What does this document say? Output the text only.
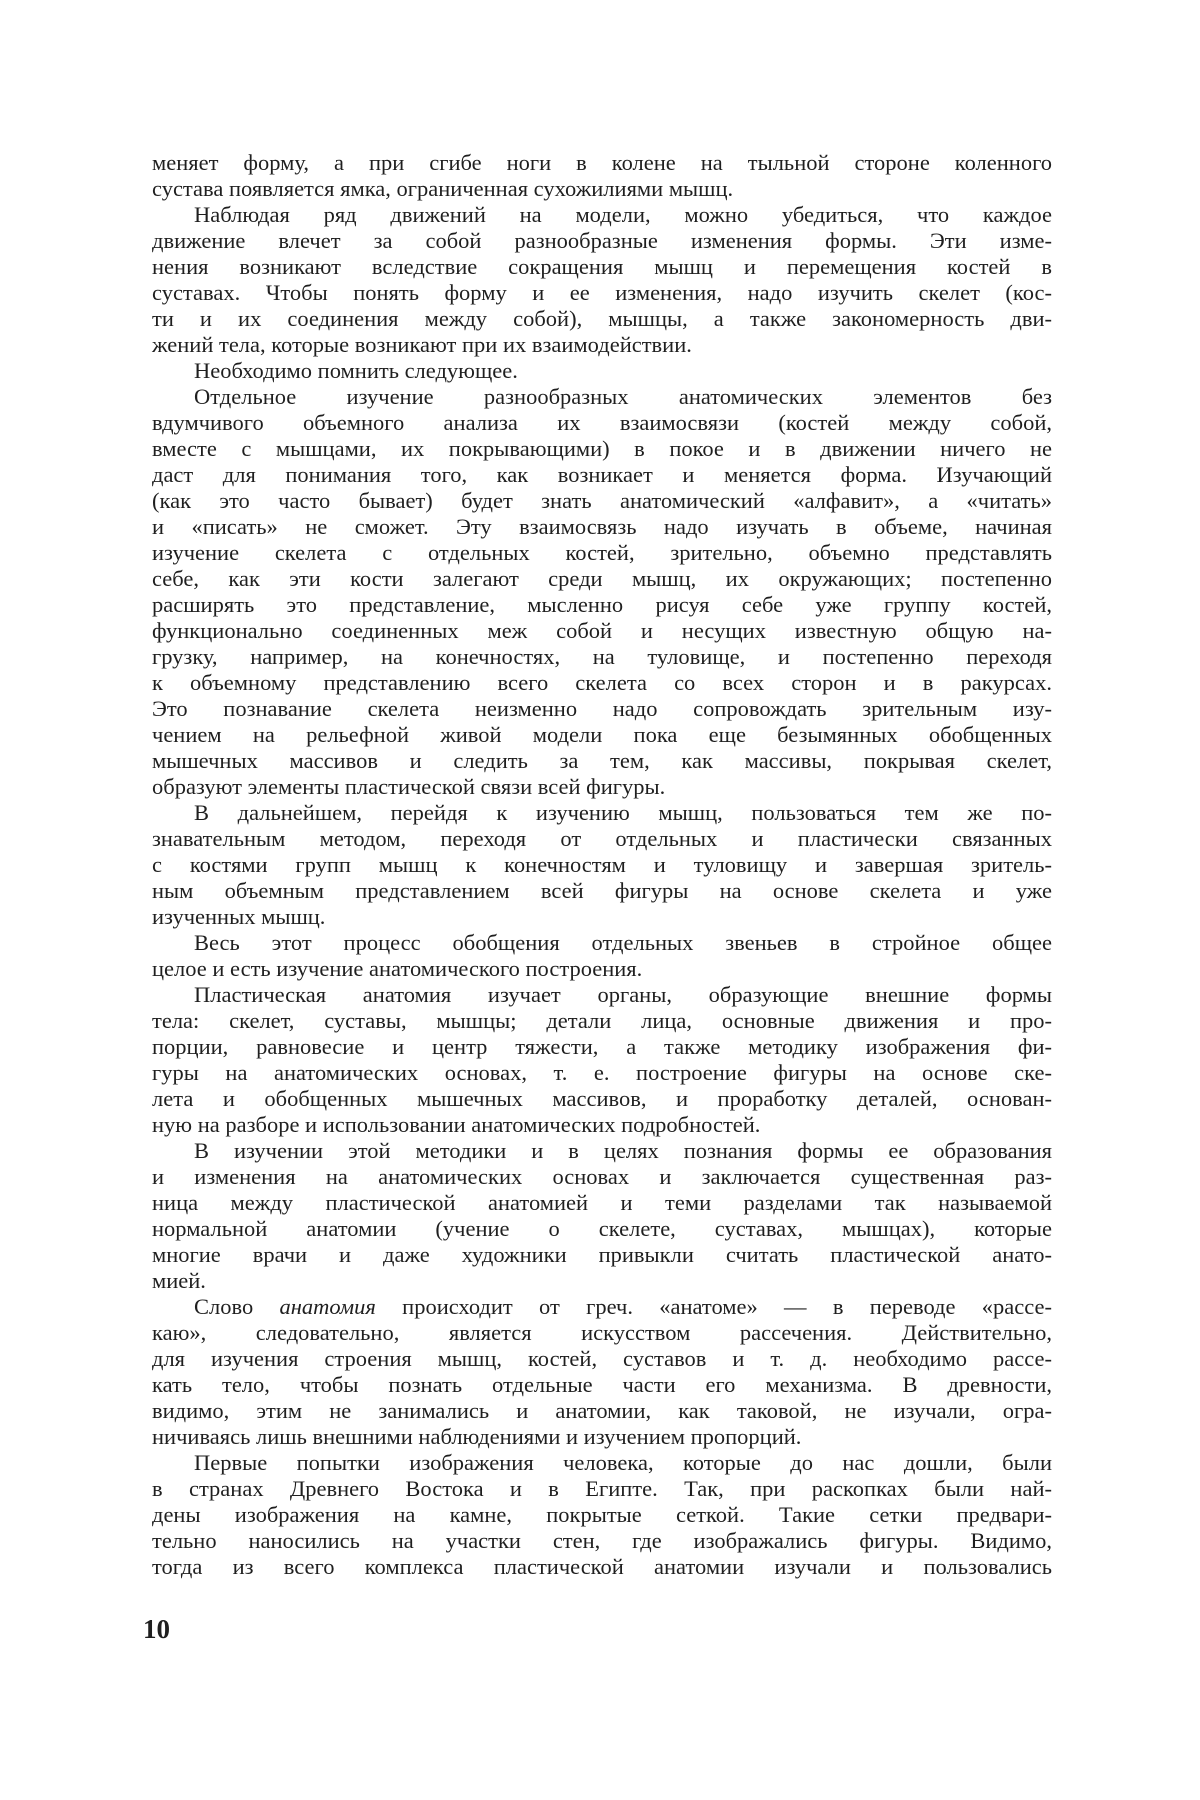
меняет форму, а при сгибе ноги в колене на тыльной стороне коленного
сустава появляется ямка, ограниченная сухожилиями мышц.
Наблюдая ряд движений на модели, можно убедиться, что каждое
движение влечет за собой разнообразные изменения формы. Эти изме-
нения возникают вследствие сокращения мышц и перемещения костей в
суставах. Чтобы понять форму и ее изменения, надо изучить скелет (кос-
ти и их соединения между собой), мышцы, а также закономерность дви-
жений тела, которые возникают при их взаимодействии.
Необходимо помнить следующее.
Отдельное изучение разнообразных анатомических элементов без
вдумчивого объемного анализа их взаимосвязи (костей между собой,
вместе с мышцами, их покрывающими) в покое и в движении ничего не
даст для понимания того, как возникает и меняется форма. Изучающий
(как это часто бывает) будет знать анатомический «алфавит», а «читать»
и «писать» не сможет. Эту взаимосвязь надо изучать в объеме, начиная
изучение скелета с отдельных костей, зрительно, объемно представлять
себе, как эти кости залегают среди мышц, их окружающих; постепенно
расширять это представление, мысленно рисуя себе уже группу костей,
функционально соединенных меж собой и несущих известную общую на-
грузку, например, на конечностях, на туловище, и постепенно переходя
к объемному представлению всего скелета со всех сторон и в ракурсах.
Это познавание скелета неизменно надо сопровождать зрительным изу-
чением на рельефной живой модели пока еще безымянных обобщенных
мышечных массивов и следить за тем, как массивы, покрывая скелет,
образуют элементы пластической связи всей фигуры.
В дальнейшем, перейдя к изучению мышц, пользоваться тем же по-
знавательным методом, переходя от отдельных и пластически связанных
с костями групп мышц к конечностям и туловищу и завершая зритель-
ным объемным представлением всей фигуры на основе скелета и уже
изученных мышц.
Весь этот процесс обобщения отдельных звеньев в стройное общее
целое и есть изучение анатомического построения.
Пластическая анатомия изучает органы, образующие внешние формы
тела: скелет, суставы, мышцы; детали лица, основные движения и про-
порции, равновесие и центр тяжести, а также методику изображения фи-
гуры на анатомических основах, т. е. построение фигуры на основе ске-
лета и обобщенных мышечных массивов, и проработку деталей, основан-
ную на разборе и использовании анатомических подробностей.
В изучении этой методики и в целях познания формы ее образования
и изменения на анатомических основах и заключается существенная раз-
ница между пластической анатомией и теми разделами так называемой
нормальной анатомии (учение о скелете, суставах, мышцах), которые
многие врачи и даже художники привыкли считать пластической анато-
мией.
Слово анатомия происходит от греч. «анатоме» — в переводе «рассе-
каю», следовательно, является искусством рассечения. Действительно,
для изучения строения мышц, костей, суставов и т. д. необходимо рассе-
кать тело, чтобы познать отдельные части его механизма. В древности,
видимо, этим не занимались и анатомии, как таковой, не изучали, огра-
ничиваясь лишь внешними наблюдениями и изучением пропорций.
Первые попытки изображения человека, которые до нас дошли, были
в странах Древнего Востока и в Египте. Так, при раскопках были най-
дены изображения на камне, покрытые сеткой. Такие сетки предвари-
тельно наносились на участки стен, где изображались фигуры. Видимо,
тогда из всего комплекса пластической анатомии изучали и пользовались
10
